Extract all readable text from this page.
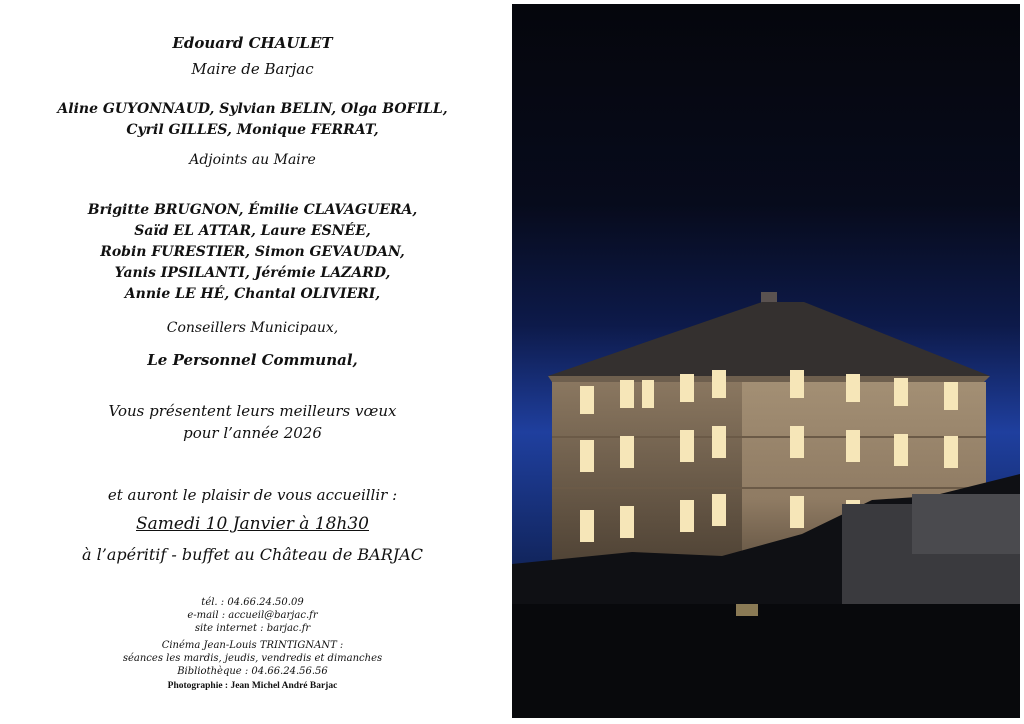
Edouard CHAULET
Maire de Barjac
Aline GUYONNAUD, Sylvian BELIN, Olga BOFILL,
Cyril GILLES, Monique FERRAT,
Adjoints au Maire
Brigitte BRUGNON, Émilie CLAVAGUERA,
Saïd EL ATTAR, Laure ESNÉE,
Robin FURESTIER, Simon GEVAUDAN,
Yanis IPSILANTI, Jérémie LAZARD,
Annie LE HÉ, Chantal OLIVIERI,
Conseillers Municipaux,
Le Personnel Communal,
Vous présentent leurs meilleurs vœux
pour l’année 2026
et auront le plaisir de vous accueillir :
Samedi 10 Janvier à 18h30
à l’apéritif - buffet au Château de BARJAC
tél. : 04.66.24.50.09
e-mail : accueil@barjac.fr
site internet : barjac.fr
Cinéma Jean-Louis TRINTIGNANT :
séances les mardis, jeudis, vendredis et dimanches
Bibliothèque : 04.66.24.56.56
Photographie : Jean Michel André Barjac
